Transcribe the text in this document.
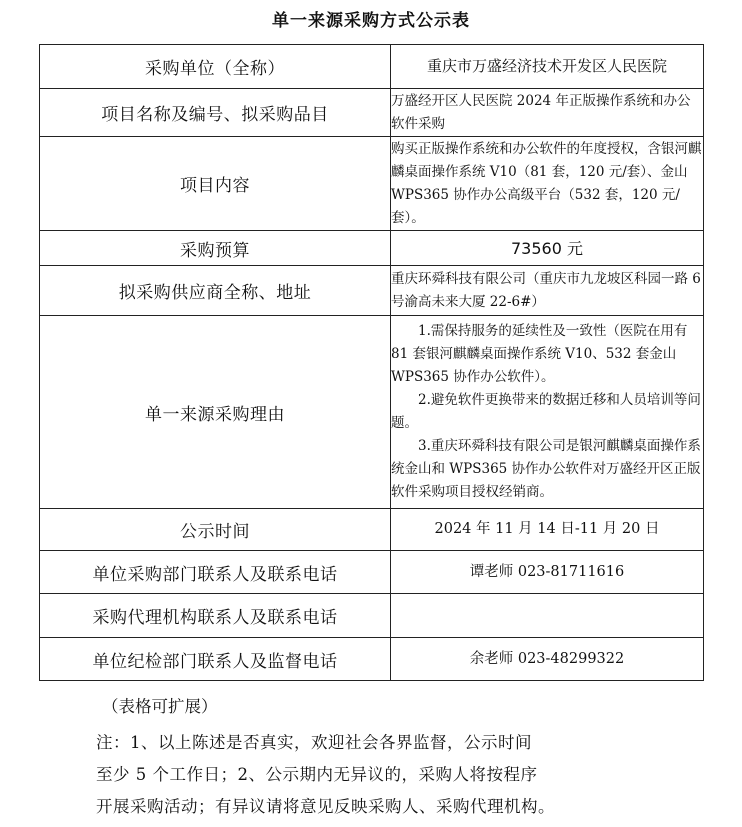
单一来源采购方式公示表
采购单位（全称）	重庆市万盛经济技术开发区人民医院
项目名称及编号、拟采购品目	万盛经开区人民医院 2024 年正版操作系统和办公软件采购
项目内容	购买正版操作系统和办公软件的年度授权，含银河麒麟桌面操作系统 V10（81 套，120 元/套）、金山 WPS365 协作办公高级平台（532 套，120 元/套）。
采购预算	73560 元
拟采购供应商全称、地址	重庆环舜科技有限公司（重庆市九龙坡区科园一路 6 号渝高未来大厦 22-6#）
单一来源采购理由	1.需保持服务的延续性及一致性（医院在用有 81 套银河麒麟桌面操作系统 V10、532 套金山 WPS365 协作办公软件）。
2.避免软件更换带来的数据迁移和人员培训等问题。
3.重庆环舜科技有限公司是银河麒麟桌面操作系统金山和 WPS365 协作办公软件对万盛经开区正版软件采购项目授权经销商。

公示时间	2024 年 11 月 14 日-11 月 20 日
单位采购部门联系人及联系电话	谭老师 023-81711616
采购代理机构联系人及联系电话	
单位纪检部门联系人及监督电话	余老师 023-48299322
（表格可扩展）
注：1、以上陈述是否真实，欢迎社会各界监督，公示时间
至少 5 个工作日；2、公示期内无异议的，采购人将按程序
开展采购活动；有异议请将意见反映采购人、采购代理机构。
